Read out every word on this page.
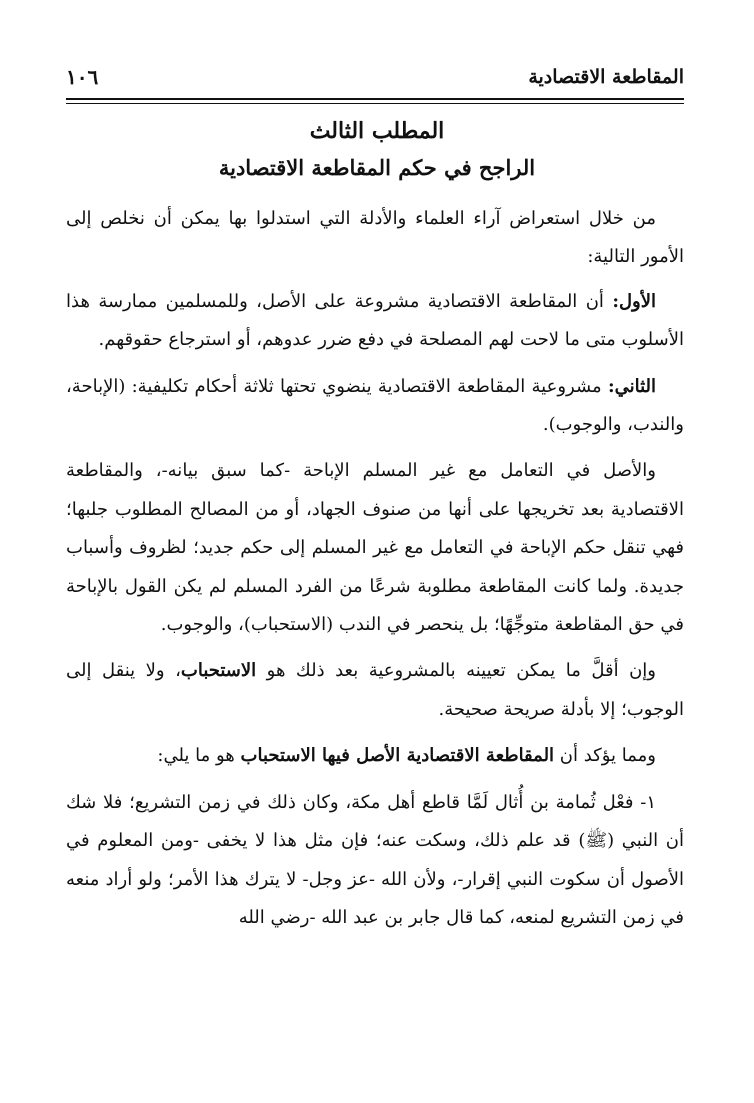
المقاطعة الاقتصادية
١٠٦
المطلب الثالث
الراجح في حكم المقاطعة الاقتصادية

من خلال استعراض آراء العلماء والأدلة التي استدلوا بها يمكن أن نخلص إلى الأمور التالية:

الأول: أن المقاطعة الاقتصادية مشروعة على الأصل، وللمسلمين ممارسة هذا الأسلوب متى ما لاحت لهم المصلحة في دفع ضرر عدوهم، أو استرجاع حقوقهم.

الثاني: مشروعية المقاطعة الاقتصادية ينضوي تحتها ثلاثة أحكام تكليفية: (الإباحة، والندب، والوجوب).

والأصل في التعامل مع غير المسلم الإباحة -كما سبق بيانه-، والمقاطعة الاقتصادية بعد تخريجها على أنها من صنوف الجهاد، أو من المصالح المطلوب جلبها؛ فهي تنقل حكم الإباحة في التعامل مع غير المسلم إلى حكم جديد؛ لظروف وأسباب جديدة. ولما كانت المقاطعة مطلوبة شرعًا من الفرد المسلم لم يكن القول بالإباحة في حق المقاطعة متوجِّهًا؛ بل ينحصر في الندب (الاستحباب)، والوجوب.

وإن أقلَّ ما يمكن تعيينه بالمشروعية بعد ذلك هو الاستحباب، ولا ينقل إلى الوجوب؛ إلا بأدلة صريحة صحيحة.

ومما يؤكد أن المقاطعة الاقتصادية الأصل فيها الاستحباب هو ما يلي:

١- فعْل ثُمامة بن أُثال لَمَّا قاطع أهل مكة، وكان ذلك في زمن التشريع؛ فلا شك أن النبي (ﷺ) قد علم ذلك، وسكت عنه؛ فإن مثل هذا لا يخفى -ومن المعلوم في الأصول أن سكوت النبي إقرار-، ولأن الله -عز وجل- لا يترك هذا الأمر؛ ولو أراد منعه في زمن التشريع لمنعه، كما قال جابر بن عبد الله -رضي الله
